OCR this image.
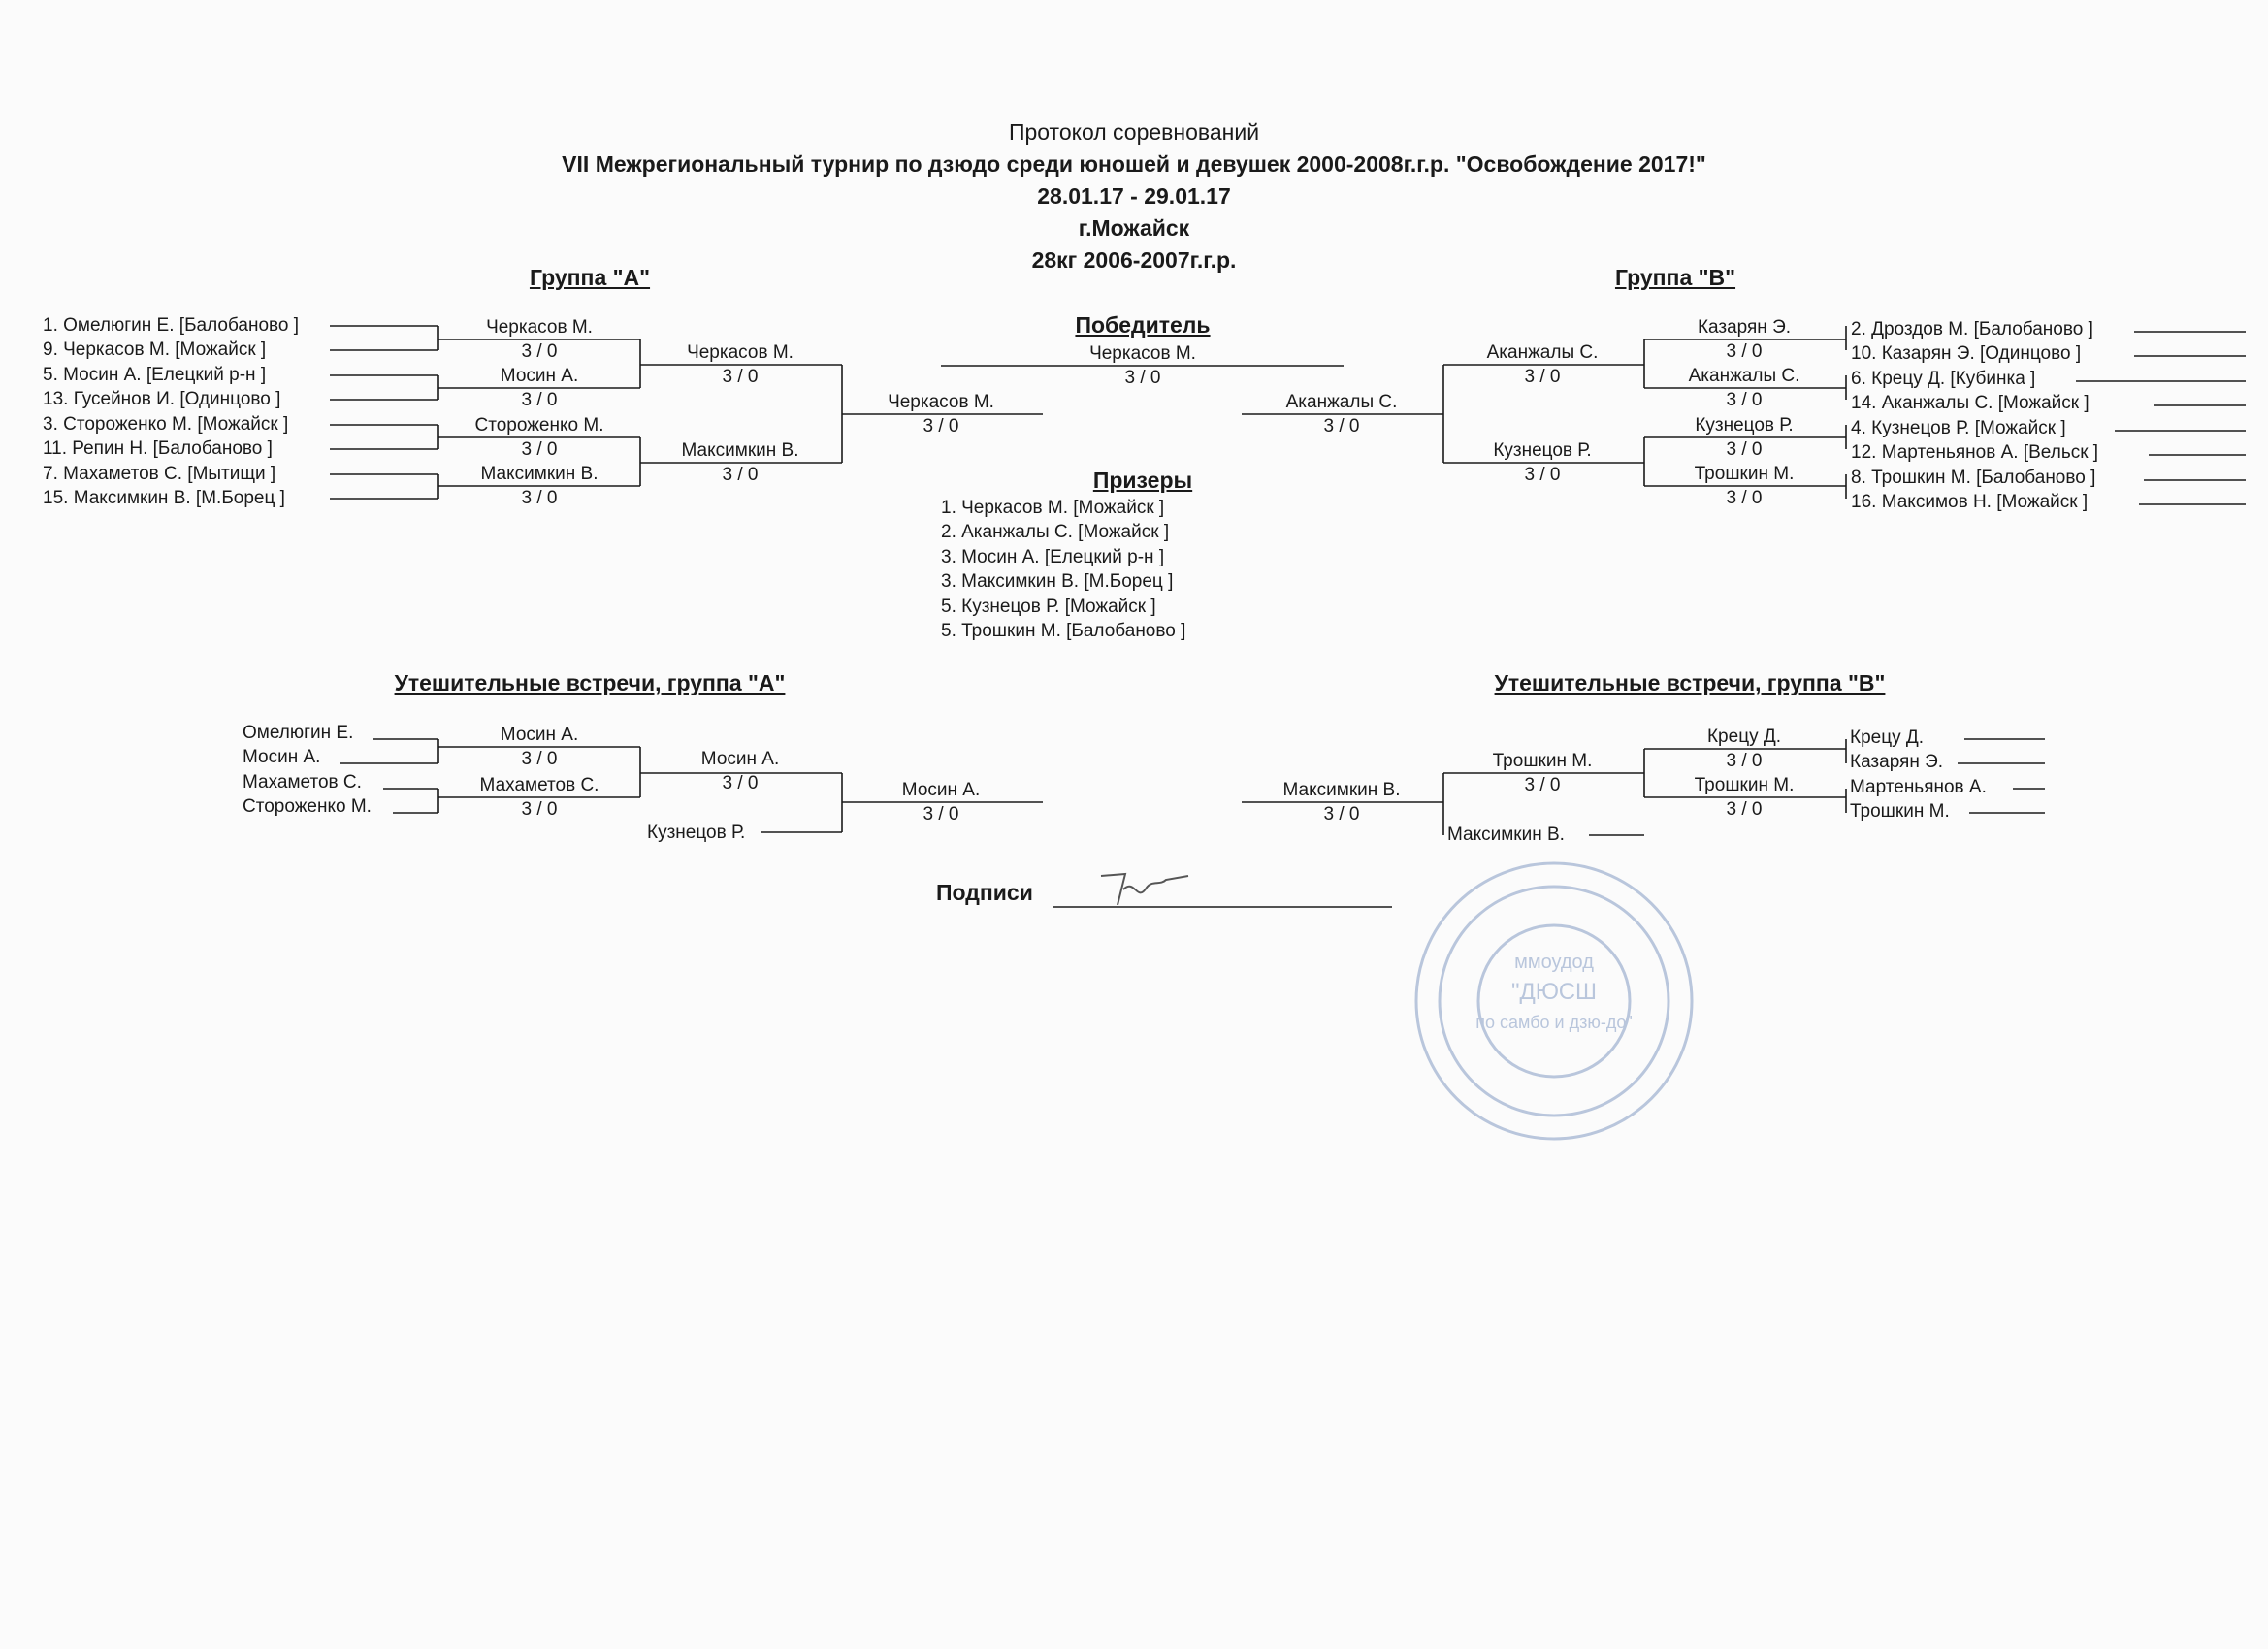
Протокол соревнований
VII Межрегиональный турнир по дзюдо среди юношей и девушек 2000-2008г.г.р. "Освобождение 2017!"
28.01.17 - 29.01.17
г.Можайск
28кг 2006-2007г.г.р.
Группа "А"	Группа "В"
1. Омелюгин Е. [Балобаново ]
9. Черкасов М. [Можайск ]
5. Мосин А. [Елецкий р-н ]
13. Гусейнов И. [Одинцово ]
3. Стороженко М. [Можайск ]
11. Репин Н. [Балобаново ]
7. Махаметов С. [Мытищи ]
15. Максимкин В. [М.Борец ]
Черкасов М.
3 / 0
Мосин А.
3 / 0
Стороженко М.
3 / 0
Максимкин В.
3 / 0
Черкасов М.
3 / 0
Максимкин В.
3 / 0
Черкасов М.
3 / 0
Победитель
Черкасов М.
3 / 0
Призеры
1. Черкасов М. [Можайск ]
2. Аканжалы С. [Можайск ]
3. Мосин А. [Елецкий р-н ]
3. Максимкин В. [М.Борец ]
5. Кузнецов Р. [Можайск ]
5. Трошкин М. [Балобаново ]
Аканжалы С.
3 / 0
Аканжалы С.
3 / 0
Кузнецов Р.
3 / 0
Казарян Э.
3 / 0
Аканжалы С.
3 / 0
Кузнецов Р.
3 / 0
Трошкин М.
3 / 0
2. Дроздов М. [Балобаново ]
10. Казарян Э. [Одинцово ]
6. Крецу Д. [Кубинка ]
14. Аканжалы С. [Можайск ]
4. Кузнецов Р. [Можайск ]
12. Мартеньянов А. [Вельск ]
8. Трошкин М. [Балобаново ]
16. Максимов Н. [Можайск ]
Утешительные встречи, группа "А"
Омелюгин Е.
Мосин А.
Махаметов С.
Стороженко М.
Мосин А.
3 / 0
Махаметов С.
3 / 0
Мосин А.
3 / 0
Кузнецов Р.
Мосин А.
3 / 0
Утешительные встречи, группа "В"
Максимкин В.
3 / 0
Трошкин М.
3 / 0
Максимкин В.
Крецу Д.
3 / 0
Трошкин М.
3 / 0
Крецу Д.
Казарян Э.
Мартеньянов А.
Трошкин М.
Подписи
ммоудод
"ДЮСШ
по самбо и дзю-до"
